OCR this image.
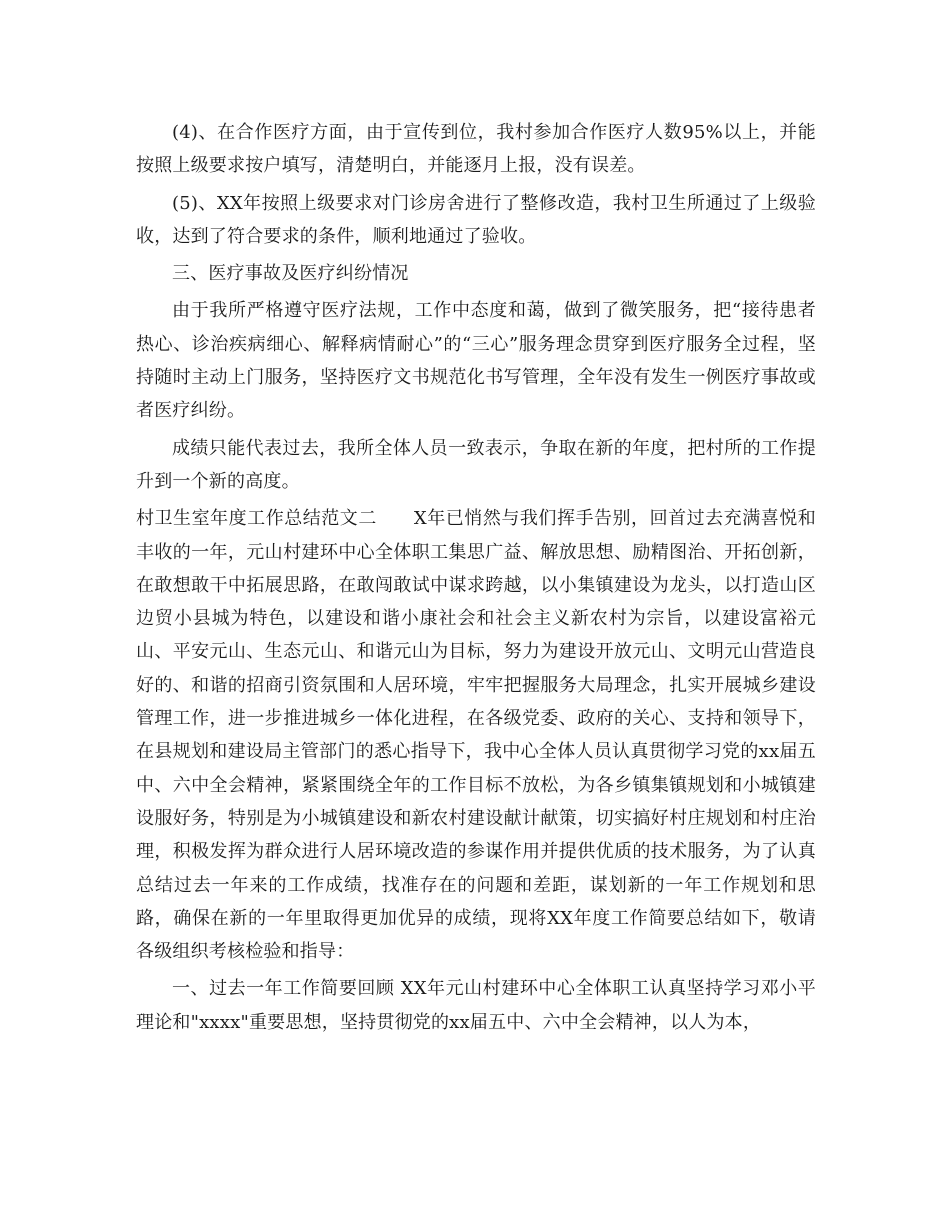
(4)、在合作医疗方面，由于宣传到位，我村参加合作医疗人数95%以上，并能按照上级要求按户填写，清楚明白，并能逐月上报，没有误差。

(5)、XX年按照上级要求对门诊房舍进行了整修改造，我村卫生所通过了上级验收，达到了符合要求的条件，顺利地通过了验收。

三、医疗事故及医疗纠纷情况

由于我所严格遵守医疗法规，工作中态度和蔼，做到了微笑服务，把“接待患者热心、诊治疾病细心、解释病情耐心”的“三心”服务理念贯穿到医疗服务全过程，坚持随时主动上门服务，坚持医疗文书规范化书写管理，全年没有发生一例医疗事故或者医疗纠纷。

成绩只能代表过去，我所全体人员一致表示，争取在新的年度，把村所的工作提升到一个新的高度。

村卫生室年度工作总结范文二　　X年已悄然与我们挥手告别，回首过去充满喜悦和丰收的一年，元山村建环中心全体职工集思广益、解放思想、励精图治、开拓创新，在敢想敢干中拓展思路，在敢闯敢试中谋求跨越，以小集镇建设为龙头，以打造山区边贸小县城为特色，以建设和谐小康社会和社会主义新农村为宗旨，以建设富裕元山、平安元山、生态元山、和谐元山为目标，努力为建设开放元山、文明元山营造良好的、和谐的招商引资氛围和人居环境，牢牢把握服务大局理念，扎实开展城乡建设管理工作，进一步推进城乡一体化进程，在各级党委、政府的关心、支持和领导下，在县规划和建设局主管部门的悉心指导下，我中心全体人员认真贯彻学习党的xx届五中、六中全会精神，紧紧围绕全年的工作目标不放松，为各乡镇集镇规划和小城镇建设服好务，特别是为小城镇建设和新农村建设献计献策，切实搞好村庄规划和村庄治理，积极发挥为群众进行人居环境改造的参谋作用并提供优质的技术服务，为了认真总结过去一年来的工作成绩，找准存在的问题和差距，谋划新的一年工作规划和思路，确保在新的一年里取得更加优异的成绩，现将XX年度工作简要总结如下，敬请各级组织考核检验和指导：

一、过去一年工作简要回顾 XX年元山村建环中心全体职工认真坚持学习邓小平理论和"xxxx"重要思想，坚持贯彻党的xx届五中、六中全会精神，以人为本，
